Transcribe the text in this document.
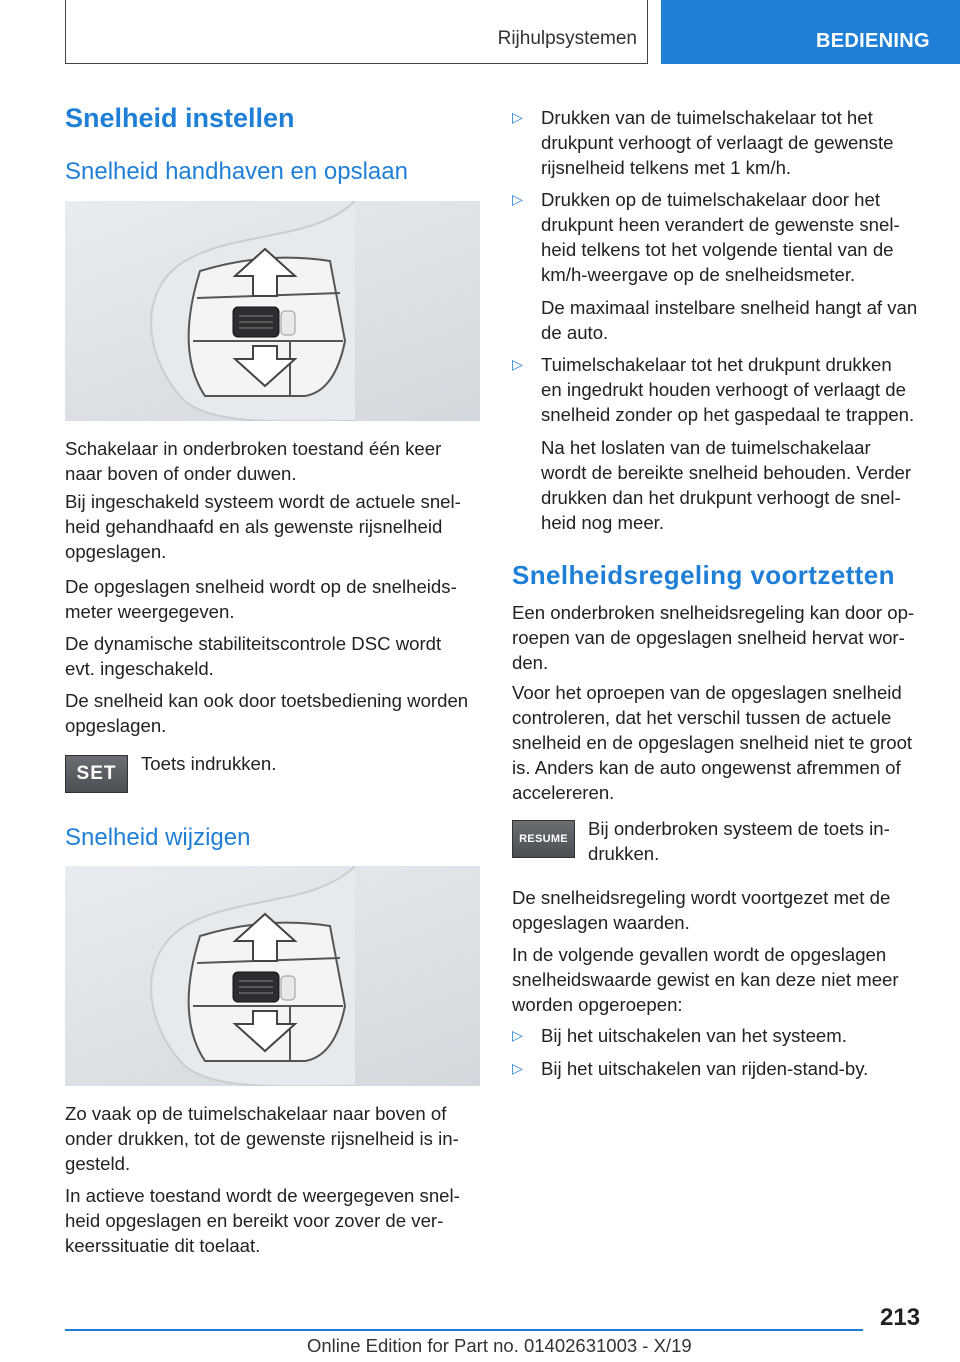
Rijhulpsystemen	BEDIENING
Snelheid instellen
Snelheid handhaven en opslaan
Schakelaar in onderbroken toestand één keer
naar boven of onder duwen.
Bij ingeschakeld systeem wordt de actuele snel-
heid gehandhaafd en als gewenste rijsnelheid
opgeslagen.
De opgeslagen snelheid wordt op de snelheids-
meter weergegeven.
De dynamische stabiliteitscontrole DSC wordt
evt. ingeschakeld.
De snelheid kan ook door toetsbediening worden
opgeslagen.
SET	Toets indrukken.
Snelheid wijzigen
Zo vaak op de tuimelschakelaar naar boven of
onder drukken, tot de gewenste rijsnelheid is in-
gesteld.
In actieve toestand wordt de weergegeven snel-
heid opgeslagen en bereikt voor zover de ver-
keerssituatie dit toelaat.
▷ Drukken van de tuimelschakelaar tot het
drukpunt verhoogt of verlaagt de gewenste
rijsnelheid telkens met 1 km/h.
▷ Drukken op de tuimelschakelaar door het
drukpunt heen verandert de gewenste snel-
heid telkens tot het volgende tiental van de
km/h-weergave op de snelheidsmeter.
De maximaal instelbare snelheid hangt af van
de auto.
▷ Tuimelschakelaar tot het drukpunt drukken
en ingedrukt houden verhoogt of verlaagt de
snelheid zonder op het gaspedaal te trappen.
Na het loslaten van de tuimelschakelaar
wordt de bereikte snelheid behouden. Verder
drukken dan het drukpunt verhoogt de snel-
heid nog meer.
Snelheidsregeling voortzetten
Een onderbroken snelheidsregeling kan door op-
roepen van de opgeslagen snelheid hervat wor-
den.
Voor het oproepen van de opgeslagen snelheid
controleren, dat het verschil tussen de actuele
snelheid en de opgeslagen snelheid niet te groot
is. Anders kan de auto ongewenst afremmen of
accelereren.
RESUME	Bij onderbroken systeem de toets in-
drukken.
De snelheidsregeling wordt voortgezet met de
opgeslagen waarden.
In de volgende gevallen wordt de opgeslagen
snelheidswaarde gewist en kan deze niet meer
worden opgeroepen:
▷ Bij het uitschakelen van het systeem.
▷ Bij het uitschakelen van rijden-stand-by.
213
Online Edition for Part no. 01402631003 - X/19
